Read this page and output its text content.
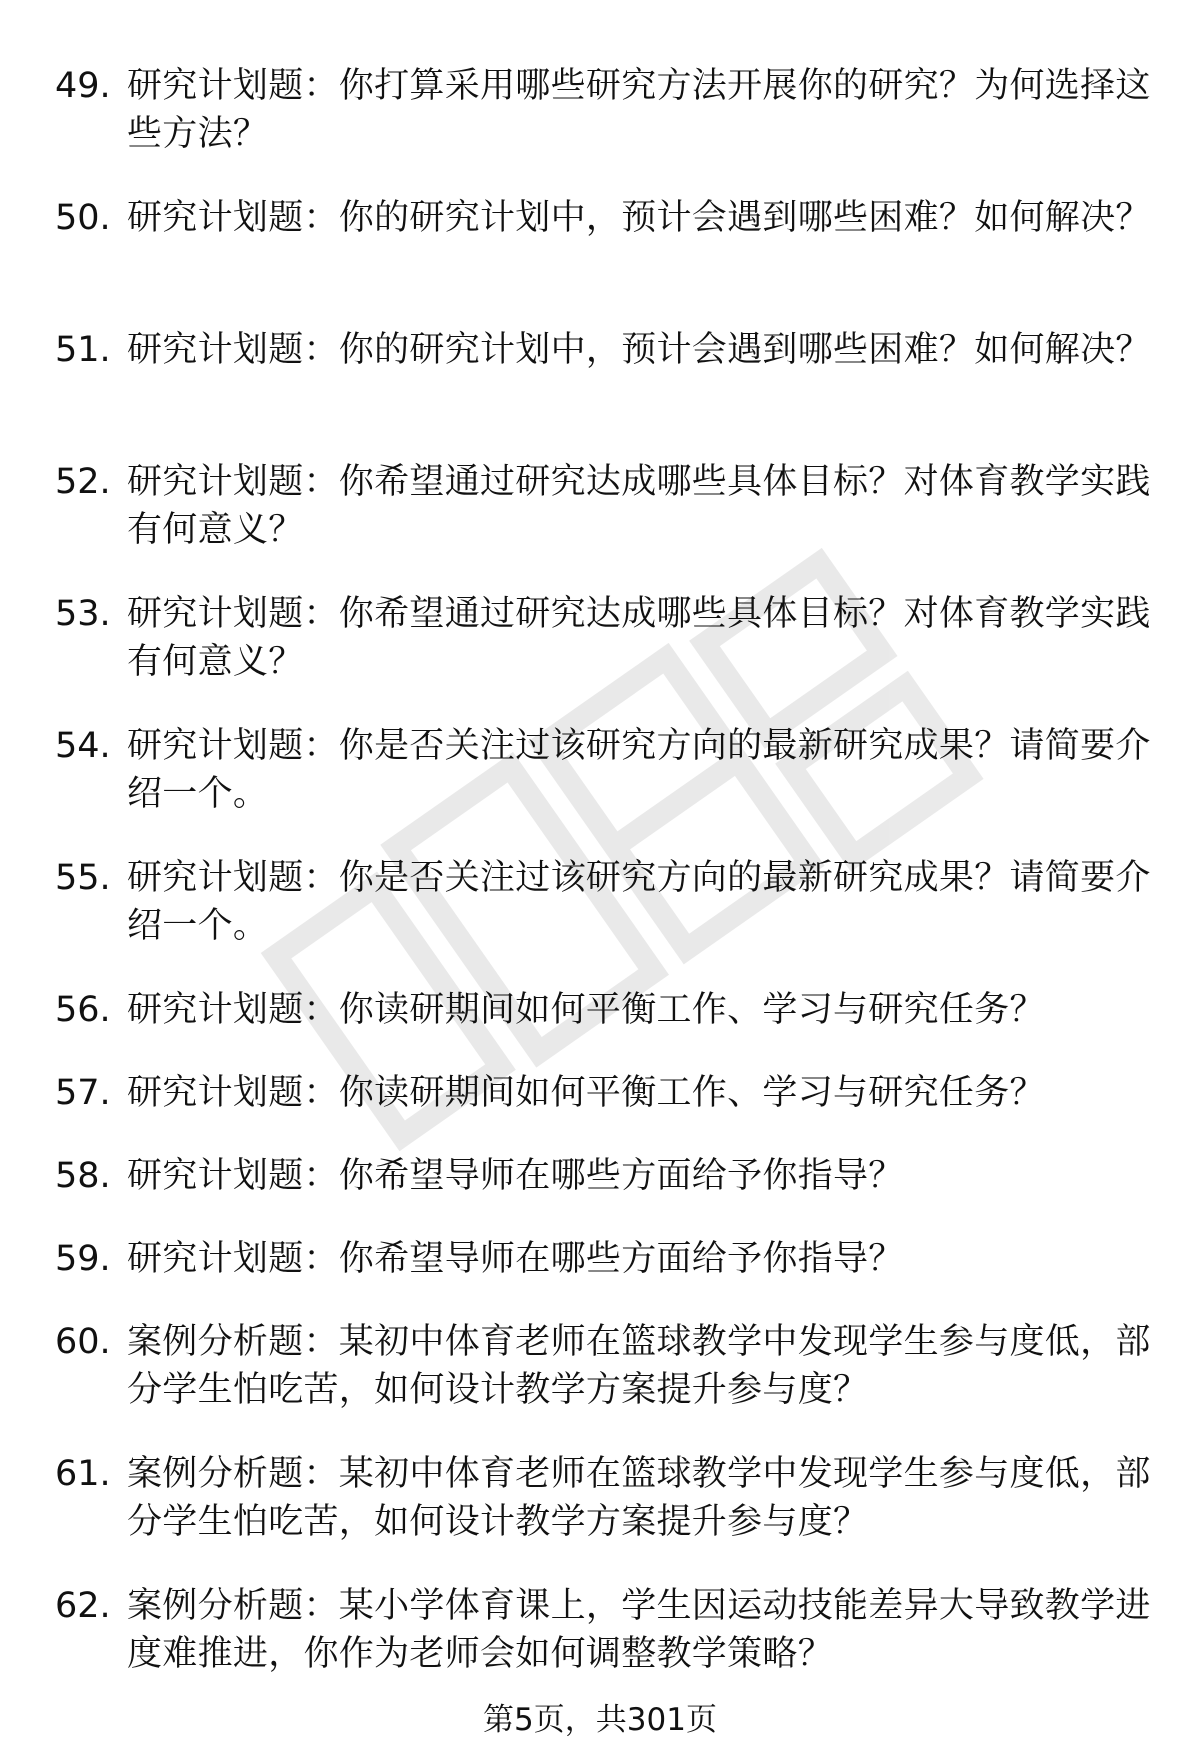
49. 研究计划题：你打算采用哪些研究方法开展你的研究？为何选择这些方法？
50. 研究计划题：你的研究计划中，预计会遇到哪些困难？如何解决？
51. 研究计划题：你的研究计划中，预计会遇到哪些困难？如何解决？
52. 研究计划题：你希望通过研究达成哪些具体目标？对体育教学实践有何意义？
53. 研究计划题：你希望通过研究达成哪些具体目标？对体育教学实践有何意义？
54. 研究计划题：你是否关注过该研究方向的最新研究成果？请简要介绍一个。
55. 研究计划题：你是否关注过该研究方向的最新研究成果？请简要介绍一个。
56. 研究计划题：你读研期间如何平衡工作、学习与研究任务？
57. 研究计划题：你读研期间如何平衡工作、学习与研究任务？
58. 研究计划题：你希望导师在哪些方面给予你指导？
59. 研究计划题：你希望导师在哪些方面给予你指导？
60. 案例分析题：某初中体育老师在篮球教学中发现学生参与度低，部分学生怕吃苦，如何设计教学方案提升参与度？
61. 案例分析题：某初中体育老师在篮球教学中发现学生参与度低，部分学生怕吃苦，如何设计教学方案提升参与度？
62. 案例分析题：某小学体育课上，学生因运动技能差异大导致教学进度难推进，你作为老师会如何调整教学策略？
第5页，共301页
